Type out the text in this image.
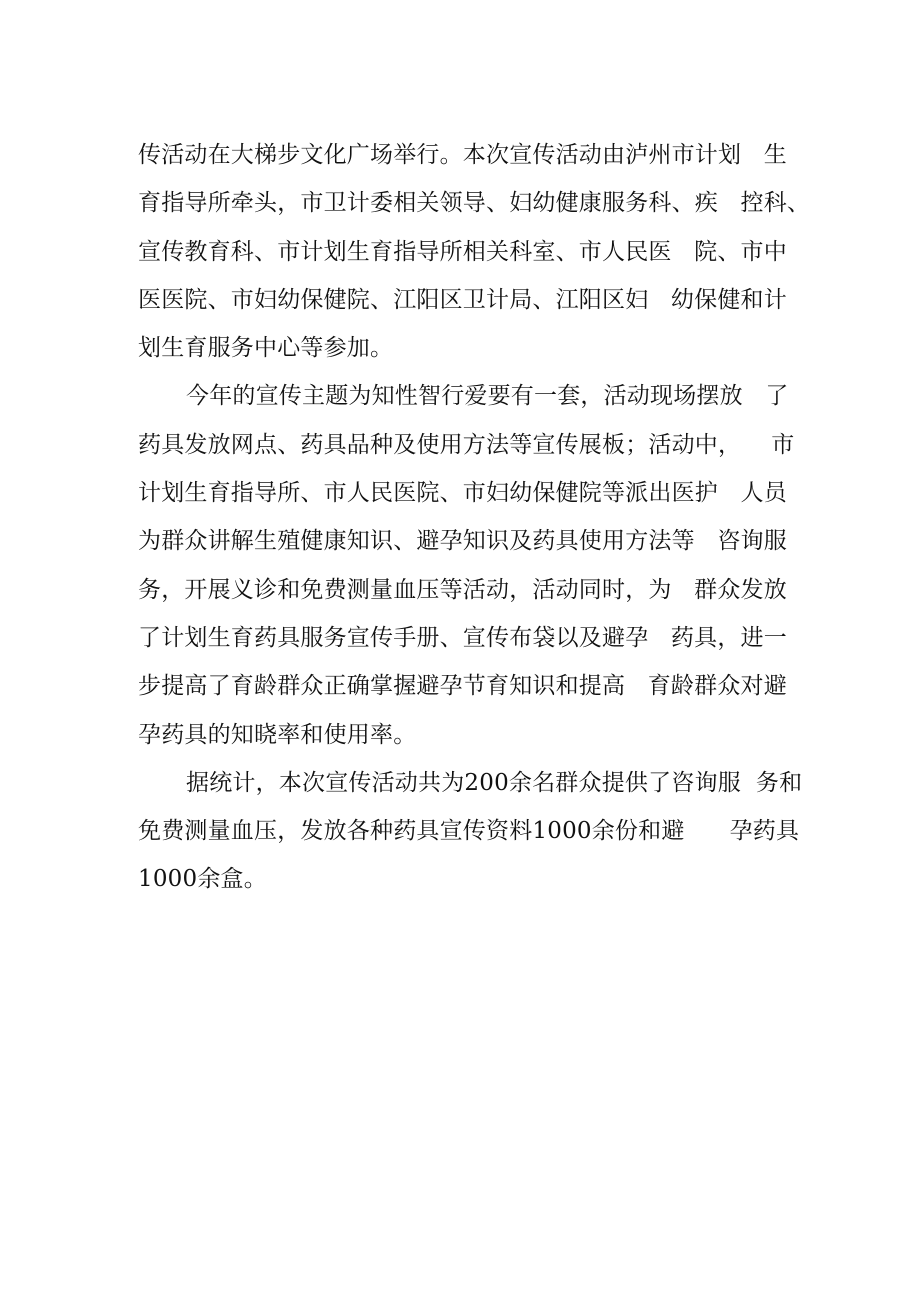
传活动在大梯步文化广场举行。本次宣传活动由泸州市计划   生
育指导所牵头，市卫计委相关领导、妇幼健康服务科、疾   控科、
宣传教育科、市计划生育指导所相关科室、市人民医   院、市中
医医院、市妇幼保健院、江阳区卫计局、江阳区妇   幼保健和计
划生育服务中心等参加。
今年的宣传主题为知性智行爱要有一套，活动现场摆放   了
药具发放网点、药具品种及使用方法等宣传展板；活动中，    市
计划生育指导所、市人民医院、市妇幼保健院等派出医护   人员
为群众讲解生殖健康知识、避孕知识及药具使用方法等   咨询服
务，开展义诊和免费测量血压等活动，活动同时，为   群众发放
了计划生育药具服务宣传手册、宣传布袋以及避孕   药具，进一
步提高了育龄群众正确掌握避孕节育知识和提高   育龄群众对避
孕药具的知晓率和使用率。
据统计，本次宣传活动共为200余名群众提供了咨询服  务和
免费测量血压，发放各种药具宣传资料1000余份和避      孕药具
1000余盒。
